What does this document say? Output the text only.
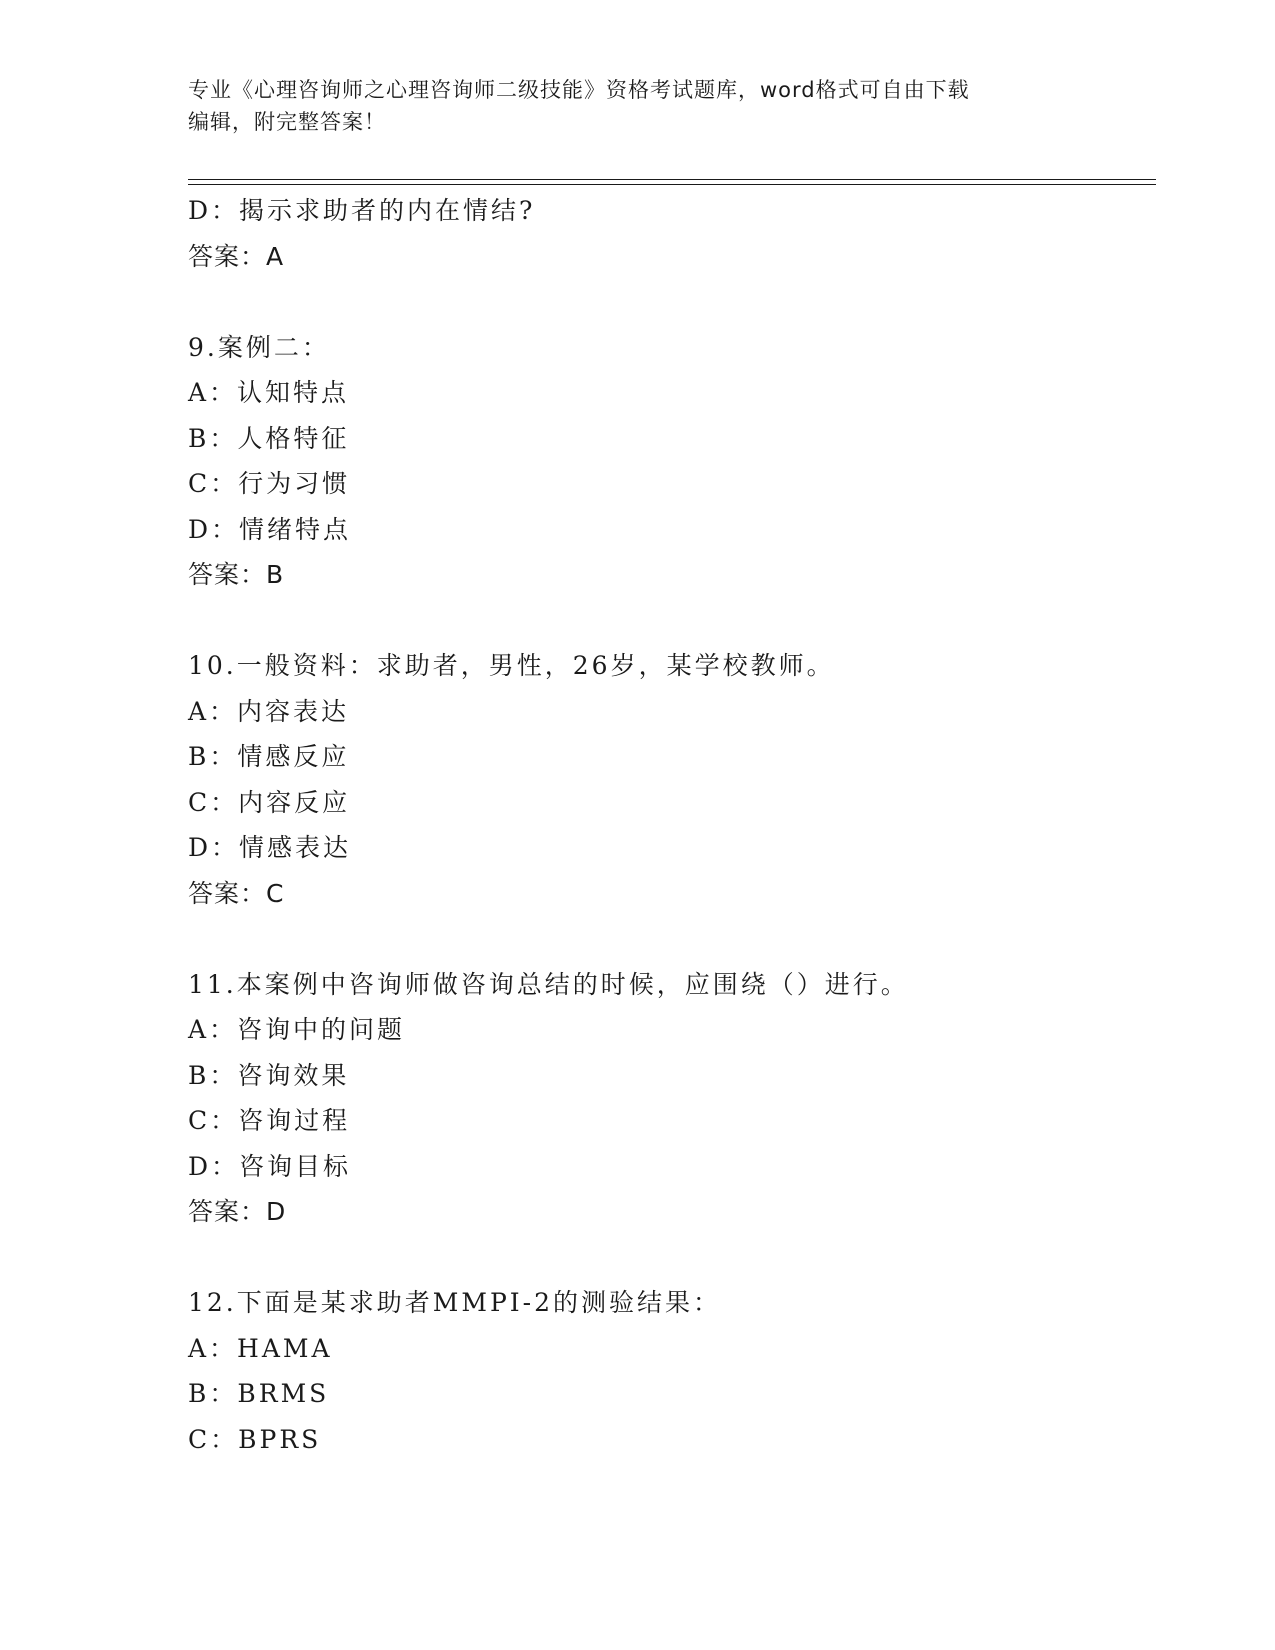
专业《心理咨询师之心理咨询师二级技能》资格考试题库，word格式可自由下载
编辑，附完整答案！
D：揭示求助者的内在情结?
答案：A
9.案例二：
A：认知特点
B：人格特征
C：行为习惯
D：情绪特点
答案：B
10.一般资料：求助者，男性，26岁，某学校教师。
A：内容表达
B：情感反应
C：内容反应
D：情感表达
答案：C
11.本案例中咨询师做咨询总结的时候，应围绕（）进行。
A：咨询中的问题
B：咨询效果
C：咨询过程
D：咨询目标
答案：D
12.下面是某求助者MMPI-2的测验结果：
A：HAMA
B：BRMS
C：BPRS
